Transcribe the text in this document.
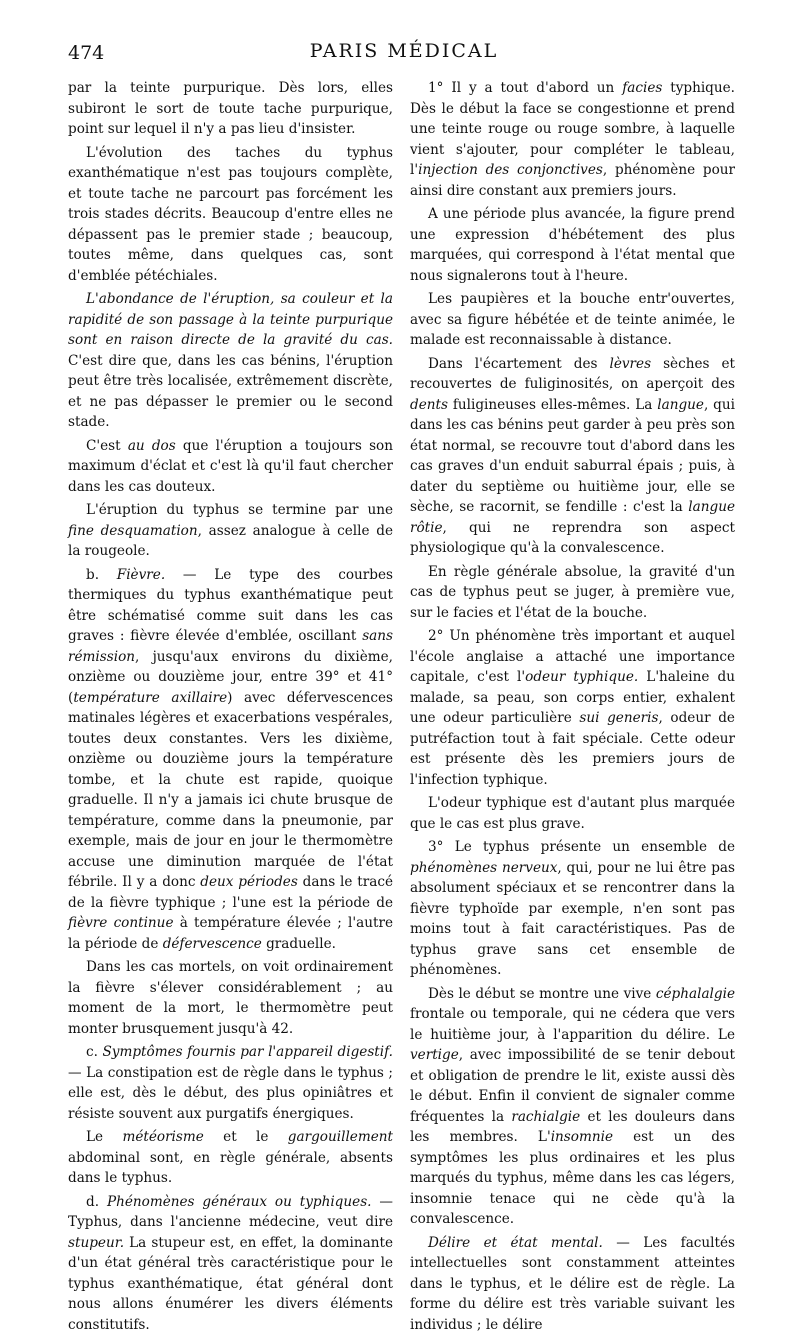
474	PARIS MÉDICAL

par la teinte purpurique. Dès lors, elles subiront le sort de toute tache purpurique, point sur lequel il n'y a pas lieu d'insister.

L'évolution des taches du typhus exanthématique n'est pas toujours complète, et toute tache ne parcourt pas forcément les trois stades décrits. Beaucoup d'entre elles ne dépassent pas le premier stade ; beaucoup, toutes même, dans quelques cas, sont d'emblée pétéchiales.

L'abondance de l'éruption, sa couleur et la rapidité de son passage à la teinte purpurique sont en raison directe de la gravité du cas. C'est dire que, dans les cas bénins, l'éruption peut être très localisée, extrêmement discrète, et ne pas dépasser le premier ou le second stade.

C'est au dos que l'éruption a toujours son maximum d'éclat et c'est là qu'il faut chercher dans les cas douteux.

L'éruption du typhus se termine par une fine desquamation, assez analogue à celle de la rougeole.

b. Fièvre. — Le type des courbes thermiques du typhus exanthématique peut être schématisé comme suit dans les cas graves : fièvre élevée d'emblée, oscillant sans rémission, jusqu'aux environs du dixième, onzième ou douzième jour, entre 39° et 41° (température axillaire) avec défervescences matinales légères et exacerbations vespérales, toutes deux constantes. Vers les dixième, onzième ou douzième jours la température tombe, et la chute est rapide, quoique graduelle. Il n'y a jamais ici chute brusque de température, comme dans la pneumonie, par exemple, mais de jour en jour le thermomètre accuse une diminution marquée de l'état fébrile. Il y a donc deux périodes dans le tracé de la fièvre typhique ; l'une est la période de fièvre continue à température élevée ; l'autre la période de défervescence graduelle.

Dans les cas mortels, on voit ordinairement la fièvre s'élever considérablement ; au moment de la mort, le thermomètre peut monter brusquement jusqu'à 42.

c. Symptômes fournis par l'appareil digestif. — La constipation est de règle dans le typhus ; elle est, dès le début, des plus opiniâtres et résiste souvent aux purgatifs énergiques.

Le météorisme et le gargouillement abdominal sont, en règle générale, absents dans le typhus.

d. Phénomènes généraux ou typhiques. — Typhus, dans l'ancienne médecine, veut dire stupeur. La stupeur est, en effet, la dominante d'un état général très caractéristique pour le typhus exanthématique, état général dont nous allons énumérer les divers éléments constitutifs.

1° Il y a tout d'abord un facies typhique. Dès le début la face se congestionne et prend une teinte rouge ou rouge sombre, à laquelle vient s'ajouter, pour compléter le tableau, l'injection des conjonctives, phénomène pour ainsi dire constant aux premiers jours.

A une période plus avancée, la figure prend une expression d'hébétement des plus marquées, qui correspond à l'état mental que nous signalerons tout à l'heure.

Les paupières et la bouche entr'ouvertes, avec sa figure hébétée et de teinte animée, le malade est reconnaissable à distance.

Dans l'écartement des lèvres sèches et recouvertes de fuliginosités, on aperçoit des dents fuligineuses elles-mêmes. La langue, qui dans les cas bénins peut garder à peu près son état normal, se recouvre tout d'abord dans les cas graves d'un enduit saburral épais ; puis, à dater du septième ou huitième jour, elle se sèche, se racornit, se fendille : c'est la langue rôtie, qui ne reprendra son aspect physiologique qu'à la convalescence.

En règle générale absolue, la gravité d'un cas de typhus peut se juger, à première vue, sur le facies et l'état de la bouche.

2° Un phénomène très important et auquel l'école anglaise a attaché une importance capitale, c'est l'odeur typhique. L'haleine du malade, sa peau, son corps entier, exhalent une odeur particulière sui generis, odeur de putréfaction tout à fait spéciale. Cette odeur est présente dès les premiers jours de l'infection typhique.

L'odeur typhique est d'autant plus marquée que le cas est plus grave.

3° Le typhus présente un ensemble de phénomènes nerveux, qui, pour ne lui être pas absolument spéciaux et se rencontrer dans la fièvre typhoïde par exemple, n'en sont pas moins tout à fait caractéristiques. Pas de typhus grave sans cet ensemble de phénomènes.

Dès le début se montre une vive céphalalgie frontale ou temporale, qui ne cédera que vers le huitième jour, à l'apparition du délire. Le vertige, avec impossibilité de se tenir debout et obligation de prendre le lit, existe aussi dès le début. Enfin il convient de signaler comme fréquentes la rachialgie et les douleurs dans les membres. L'insomnie est un des symptômes les plus ordinaires et les plus marqués du typhus, même dans les cas légers, insomnie tenace qui ne cède qu'à la convalescence.

Délire et état mental. — Les facultés intellectuelles sont constamment atteintes dans le typhus, et le délire est de règle. La forme du délire est très variable suivant les individus ; le délire
